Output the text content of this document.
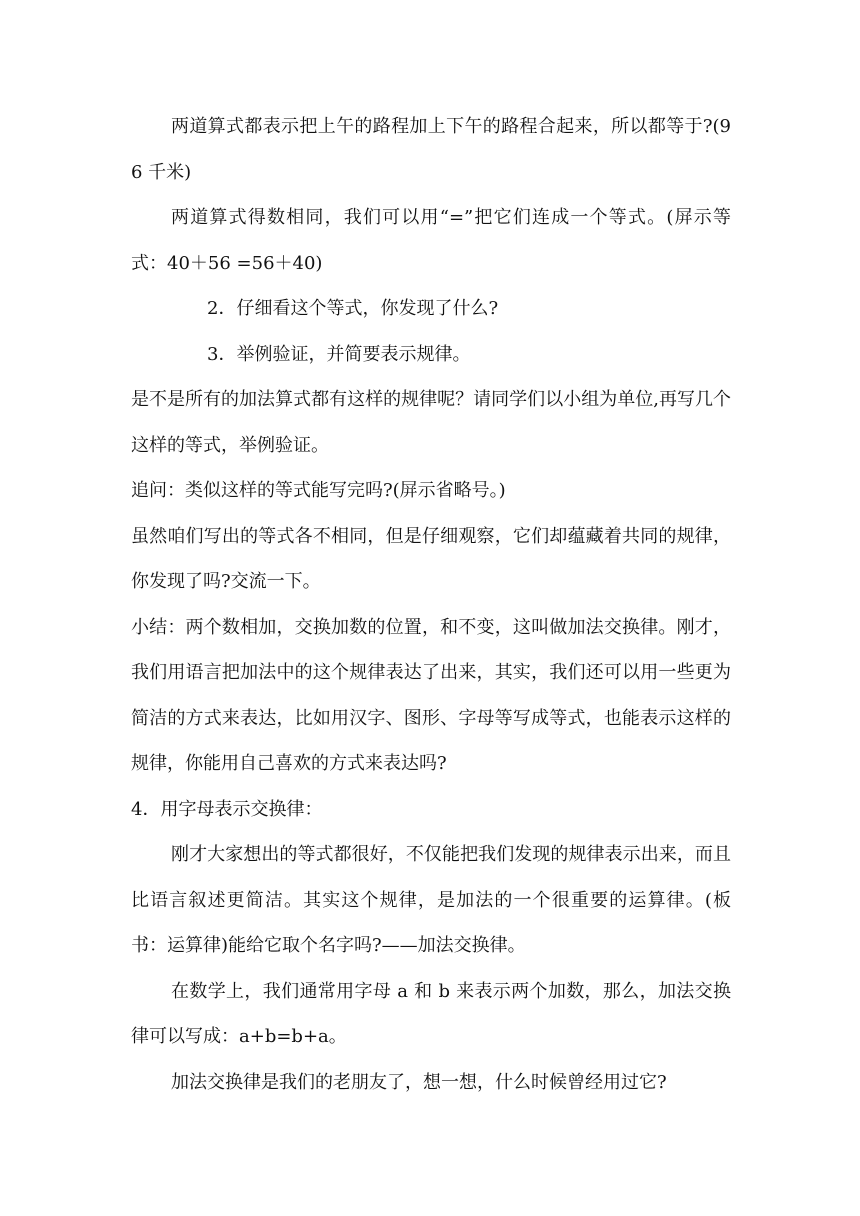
两道算式都表示把上午的路程加上下午的路程合起来，所以都等于?(96 千米)

两道算式得数相同，我们可以用“=”把它们连成一个等式。(屏示等式：40＋56 =56＋40)

2．仔细看这个等式，你发现了什么?

3．举例验证，并简要表示规律。

是不是所有的加法算式都有这样的规律呢？请同学们以小组为单位,再写几个这样的等式，举例验证。

追问：类似这样的等式能写完吗?(屏示省略号。)

虽然咱们写出的等式各不相同，但是仔细观察，它们却蕴藏着共同的规律，你发现了吗?交流一下。

小结：两个数相加，交换加数的位置，和不变，这叫做加法交换律。刚才，我们用语言把加法中的这个规律表达了出来，其实，我们还可以用一些更为简洁的方式来表达，比如用汉字、图形、字母等写成等式，也能表示这样的规律，你能用自己喜欢的方式来表达吗?

4．用字母表示交换律：

刚才大家想出的等式都很好，不仅能把我们发现的规律表示出来，而且比语言叙述更简洁。其实这个规律，是加法的一个很重要的运算律。(板书：运算律)能给它取个名字吗?——加法交换律。

在数学上，我们通常用字母 a 和 b 来表示两个加数，那么，加法交换律可以写成：a+b=b+a。

加法交换律是我们的老朋友了，想一想，什么时候曾经用过它?
